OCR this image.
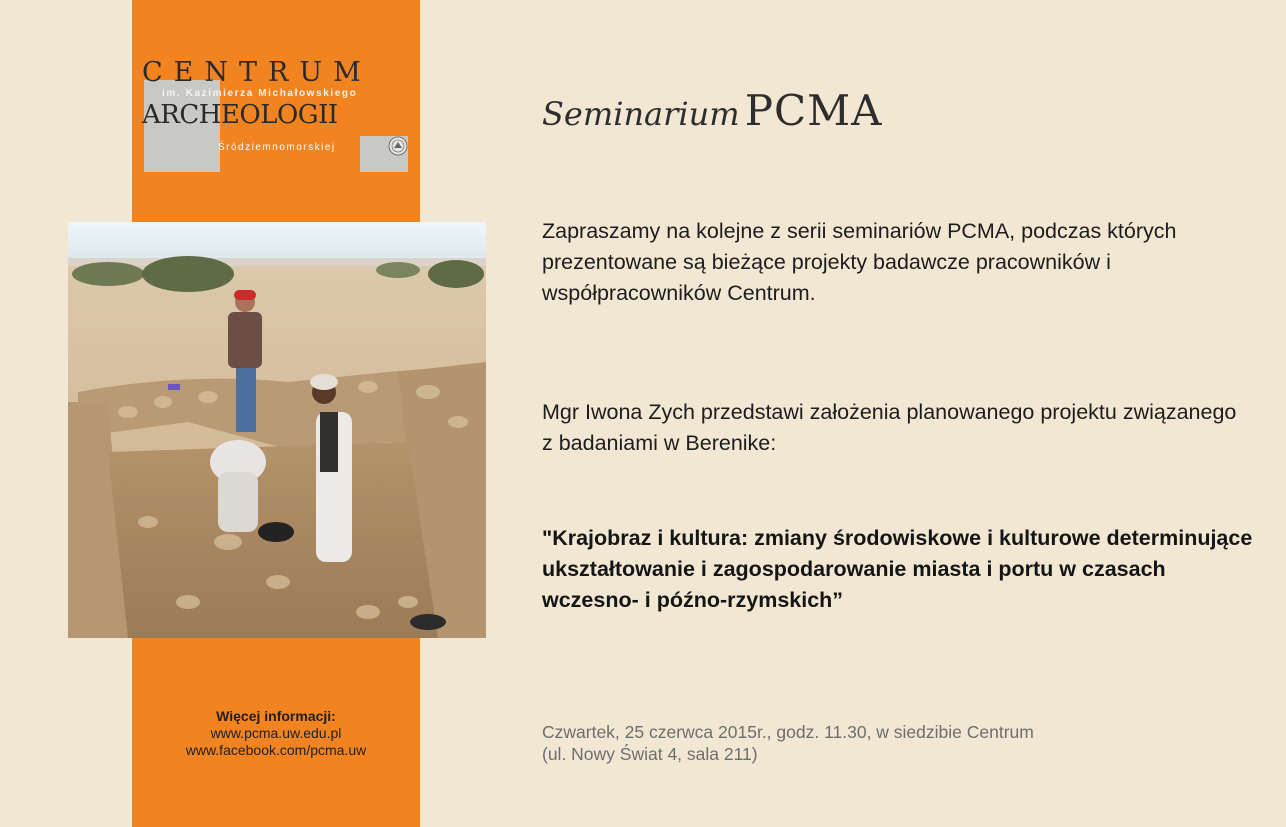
CENTRUM
im. Kazimierza Michałowskiego
ARCHEOLOGII
Śródziemnomorskiej
Więcej informacji:
www.pcma.uw.edu.pl
www.facebook.com/pcma.uw
Seminarium PCMA
Zapraszamy na kolejne z serii seminariów PCMA, podczas których prezentowane są bieżące projekty badawcze pracowników i współpracowników Centrum.
Mgr Iwona Zych przedstawi założenia planowanego projektu związanego z badaniami w Berenike:
"Krajobraz i kultura: zmiany środowiskowe i kulturowe determinujące ukształtowanie i zagospodarowanie miasta i portu w czasach wczesno- i późno-rzymskich”
Czwartek, 25 czerwca 2015r., godz. 11.30, w siedzibie Centrum
(ul. Nowy Świat 4, sala 211)
